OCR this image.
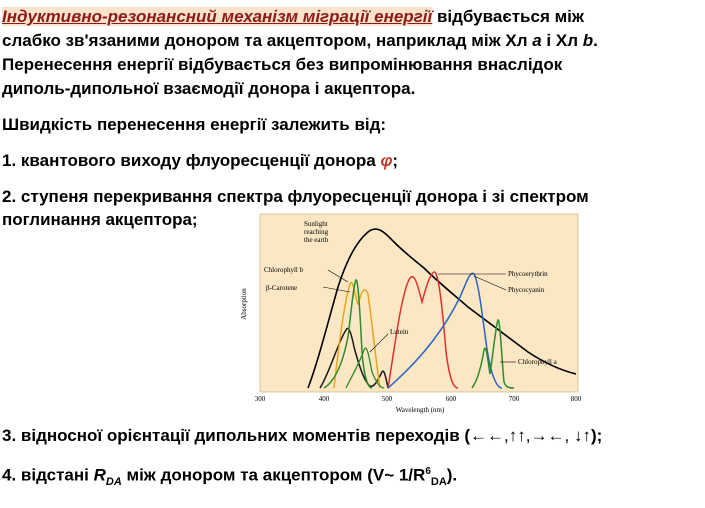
Індуктивно-резонансний механізм міграції енергії відбувається між
слабко зв'язаними донором та акцептором, наприклад між Хл a і Хл b.
Перенесення енергії відбувається без випромінювання внаслідок
диполь-дипольної взаємодії донора і акцептора.
Швидкість перенесення енергії залежить від:
1. квантового виходу флуоресценції донора φ;
2. ступеня перекривання спектра флуоресценції донора і зі спектром
поглинання акцептора;
Absorption
Sunlight
reaching
the earth
Chlorophyll b
β-Carotene
Lutein
Phycoerythrin
Phycocyanin
Chlorophyll a
300	400	500	600	700	800
Wavelength (nm)
3. відносної орієнтації дипольних моментів переходів (←←,↑↑,→←, ↓↑);
4. відстані $R_{DA}$ між донором та акцептором (V~ $1/R^6_{DA}$).
